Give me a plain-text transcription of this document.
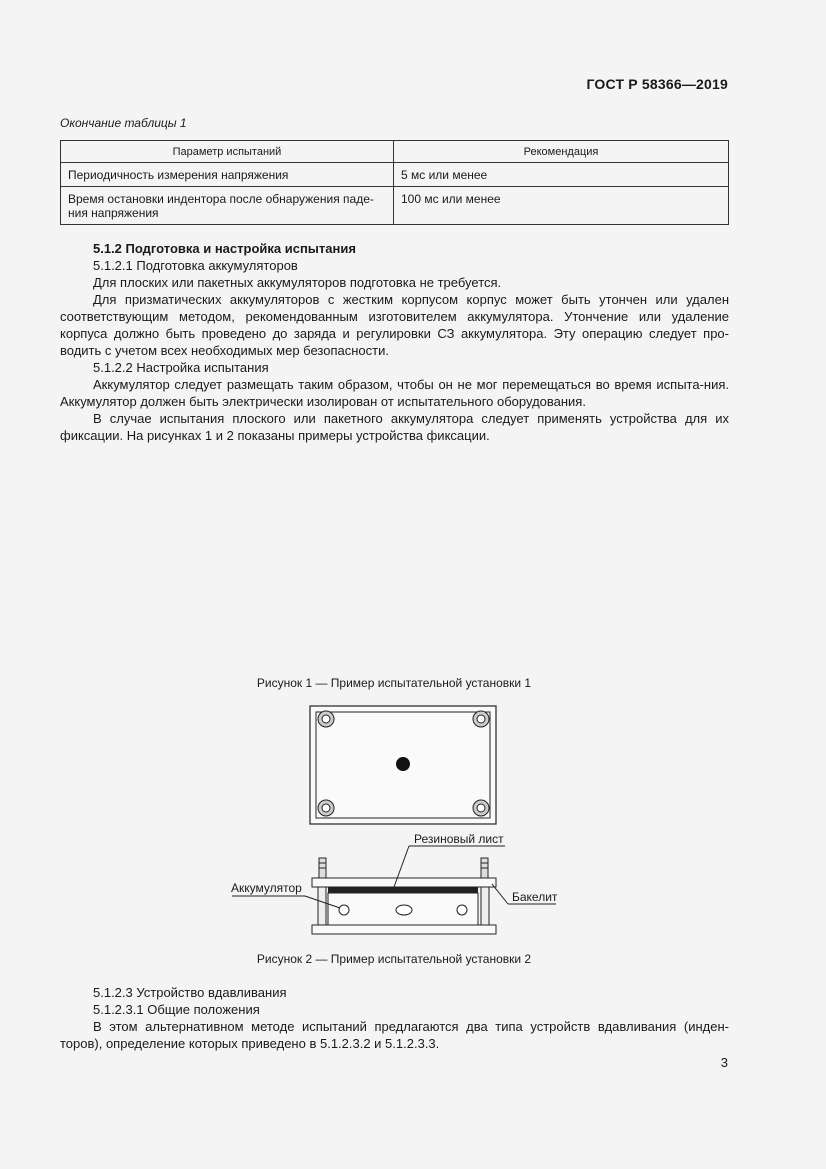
ГОСТ Р 58366—2019
Окончание таблицы 1
Параметр испытаний	Рекомендация
Периодичность измерения напряжения	5 мс или менее
Время остановки индентора после обнаружения паде-ния напряжения	100 мс или менее

5.1.2 Подготовка и настройка испытания

5.1.2.1 Подготовка аккумуляторов

Для плоских или пакетных аккумуляторов подготовка не требуется.

Для призматических аккумуляторов с жестким корпусом корпус может быть утончен или удален соответствующим методом, рекомендованным изготовителем аккумулятора. Утончение или удаление корпуса должно быть проведено до заряда и регулировки СЗ аккумулятора. Эту операцию следует про-водить с учетом всех необходимых мер безопасности.

5.1.2.2 Настройка испытания

Аккумулятор следует размещать таким образом, чтобы он не мог перемещаться во время испыта-ния. Аккумулятор должен быть электрически изолирован от испытательного оборудования.

В случае испытания плоского или пакетного аккумулятора следует применять устройства для их фиксации. На рисунках 1 и 2 показаны примеры устройства фиксации.

Рисунок 1 — Пример испытательной установки 1
Резиновый лист
Аккумулятор
Бакелит
Рисунок 2 — Пример испытательной установки 2

5.1.2.3 Устройство вдавливания

5.1.2.3.1 Общие положения

В этом альтернативном методе испытаний предлагаются два типа устройств вдавливания (инден-торов), определение которых приведено в 5.1.2.3.2 и 5.1.2.3.3.

3
